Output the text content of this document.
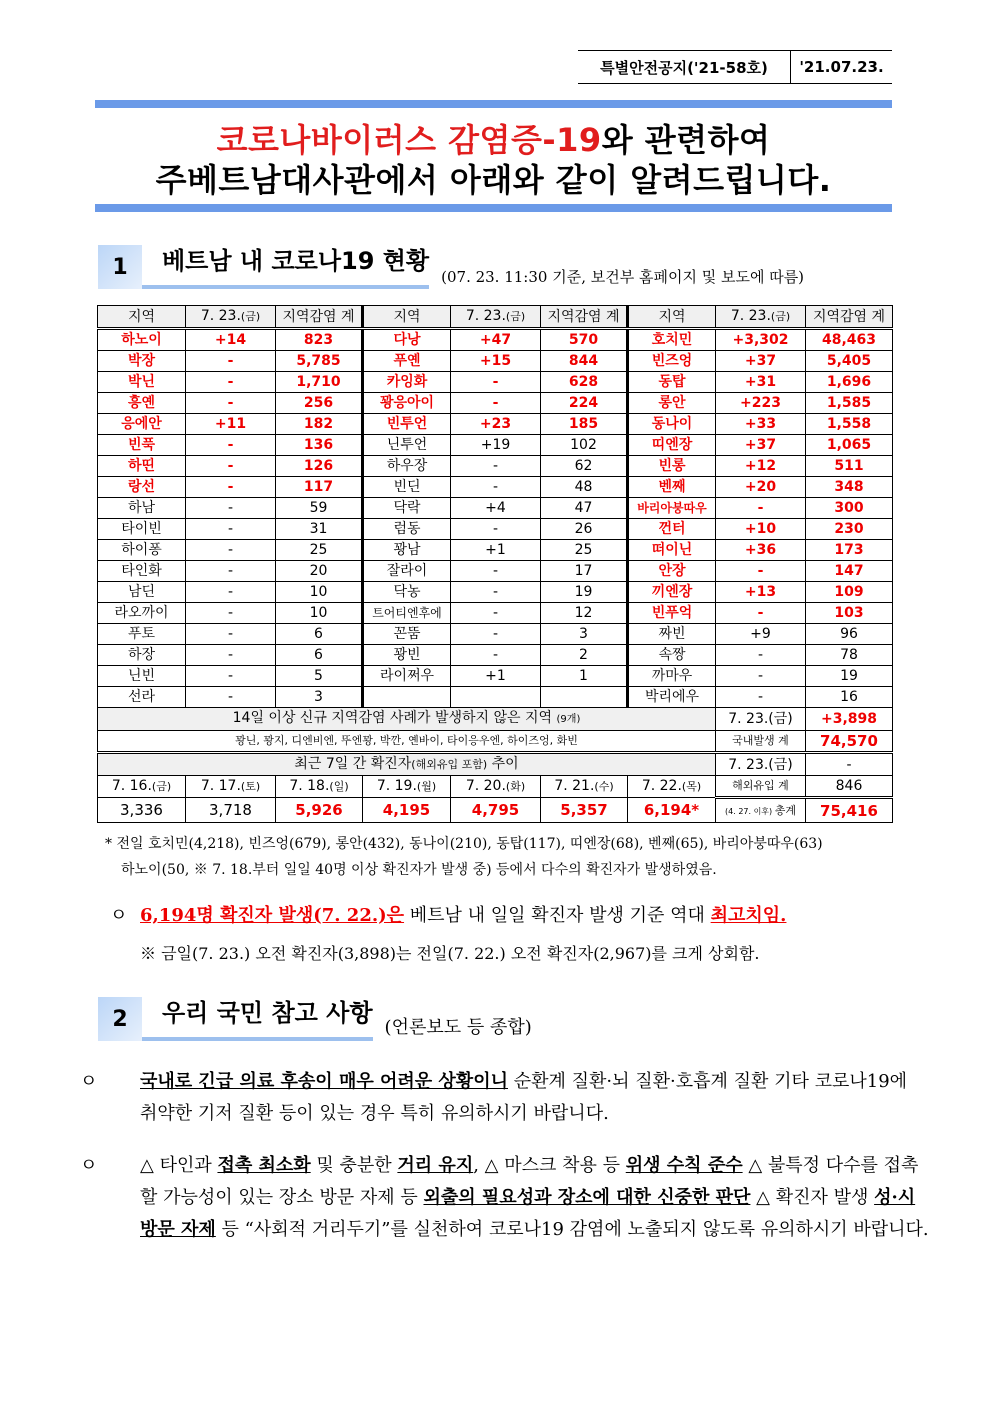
특별안전공지('21-58호)	'21.07.23.
코로나바이러스 감염증-19와 관련하여
주베트남대사관에서 아래와 같이 알려드립니다.
1	베트남 내 코로나19 현황
(07. 23. 11:30 기준, 보건부 홈페이지 및 보도에 따름)
지역	7. 23.(금)	지역감염 계	지역	7. 23.(금)	지역감염 계	지역	7. 23.(금)	지역감염 계
하노이	+14	823	다낭	+47	570	호치민	+3,302	48,463
박장	-	5,785	푸옌	+15	844	빈즈엉	+37	5,405
박닌	-	1,710	카잉화	-	628	동탑	+31	1,696
흥옌	-	256	꽝응아이	-	224	롱안	+223	1,585
응에안	+11	182	빈투언	+23	185	동나이	+33	1,558
빈푹	-	136	닌투언	+19	102	띠엔장	+37	1,065
하띤	-	126	하우장	-	62	빈롱	+12	511
랑선	-	117	빈딘	-	48	벤째	+20	348
하남	-	59	닥락	+4	47	바리아붕따우	-	300
타이빈	-	31	럼동	-	26	껀터	+10	230
하이퐁	-	25	꽝남	+1	25	떠이닌	+36	173
타인화	-	20	잘라이	-	17	안장	-	147
남딘	-	10	닥농	-	19	끼엔장	+13	109
라오까이	-	10	트어티엔후에	-	12	빈푸억	-	103
푸토	-	6	꼰뚬	-	3	짜빈	+9	96
하장	-	6	꽝빈	-	2	속짱	-	78
닌빈	-	5	라이쩌우	+1	1	까마우	-	19
선라	-	3				박리에우	-	16
14일 이상 신규 지역감염 사례가 발생하지 않은 지역 (9개)							7. 23.(금)	+3,898
꽝닌, 꽝지, 디엔비엔, 뚜엔꽝, 박깐, 옌바이, 타이응우엔, 하이즈엉, 화빈							국내발생 계	74,570
최근 7일 간 확진자(해외유입 포함) 추이							7. 23.(금)	-
7. 16.(금)	7. 17.(토)	7. 18.(일)	7. 19.(월)	7. 20.(화)	7. 21.(수)	7. 22.(목)	해외유입 계	846
3,336	3,718	5,926	4,195	4,795	5,357	6,194*	(4. 27. 이후) 총계	75,416
* 전일 호치민(4,218), 빈즈엉(679), 롱안(432), 동나이(210), 동탑(117), 띠엔장(68), 벤째(65), 바리아붕따우(63)
하노이(50, ※ 7. 18.부터 일일 40명 이상 확진자가 발생 중) 등에서 다수의 확진자가 발생하였음.
ㅇ 6,194명 확진자 발생(7. 22.)은 베트남 내 일일 확진자 발생 기준 역대 최고치임.
※ 금일(7. 23.) 오전 확진자(3,898)는 전일(7. 22.) 오전 확진자(2,967)를 크게 상회함.
2	우리 국민 참고 사항
(언론보도 등 종합)
ㅇ 국내로 긴급 의료 후송이 매우 어려운 상황이니 순환계 질환·뇌 질환·호흡계 질환 기타 코로나19에 취약한 기저 질환 등이 있는 경우 특히 유의하시기 바랍니다.
ㅇ △ 타인과 접촉 최소화 및 충분한 거리 유지, △ 마스크 착용 등 위생 수칙 준수 △ 불특정 다수를 접촉할 가능성이 있는 장소 방문 자제 등 외출의 필요성과 장소에 대한 신중한 판단 △ 확진자 발생 성·시 방문 자제 등 “사회적 거리두기”를 실천하여 코로나19 감염에 노출되지 않도록 유의하시기 바랍니다.
